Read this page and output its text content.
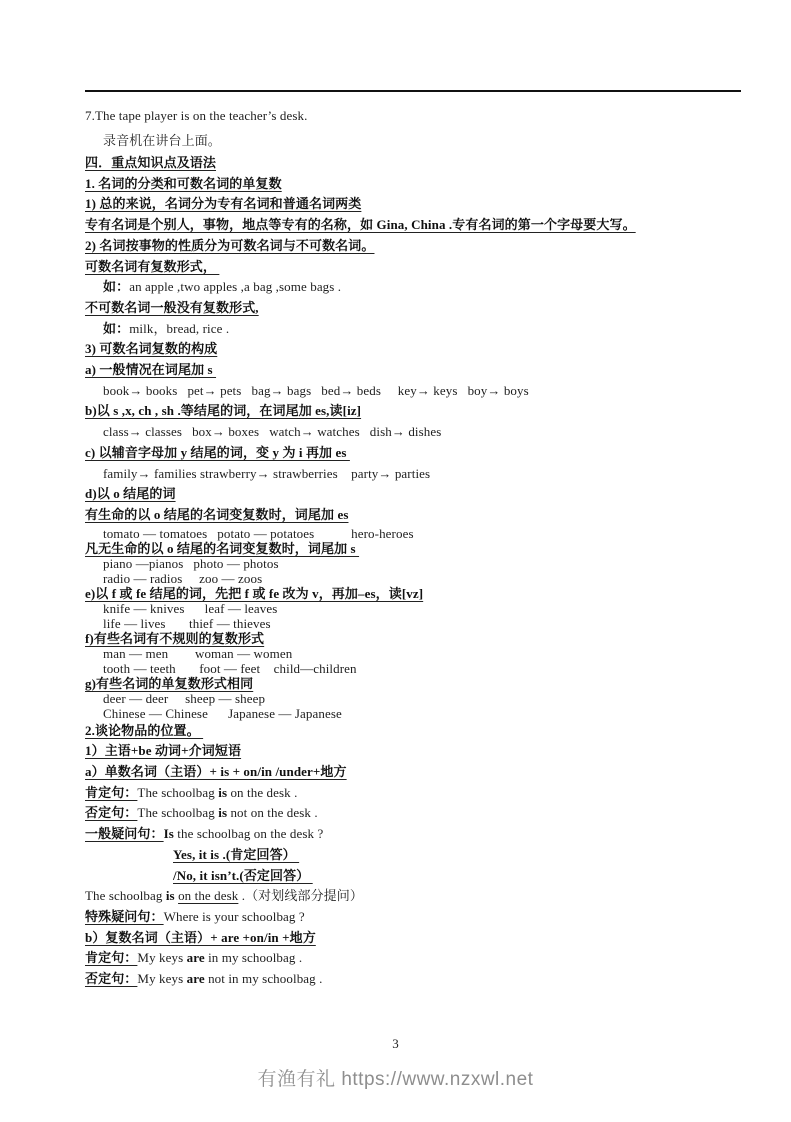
7.The tape player is on the teacher’s desk.
录音机在讲台上面。
四．重点知识点及语法
1. 名词的分类和可数名词的单复数
1) 总的来说，名词分为专有名词和普通名词两类
专有名词是个别人，事物，地点等专有的名称，如 Gina, China .专有名词的第一个字母要大写。
2) 名词按事物的性质分为可数名词与不可数名词。
可数名词有复数形式，
如：an apple ,two apples ,a bag ,some bags .
不可数名词一般没有复数形式,
如：milk，bread, rice .
3) 可数名词复数的构成
a) 一般情况在词尾加 s
book→ books   pet→ pets   bag→ bags   bed→ beds     key→ keys   boy→ boys
b)以 s ,x, ch , sh .等结尾的词，在词尾加 es,读[iz]
class→ classes   box→ boxes   watch→ watches   dish→ dishes
c) 以辅音字母加 y 结尾的词，变 y 为 i 再加 es
family→ families strawberry→ strawberries    party→ parties
d)以 o 结尾的词
有生命的以 o 结尾的名词变复数时，词尾加 es
tomato — tomatoes   potato — potatoes           hero-heroes
凡无生命的以 o 结尾的名词变复数时，词尾加 s
piano —pianos   photo — photos
radio — radios     zoo — zoos
e)以 f 或 fe 结尾的词，先把 f 或 fe 改为 v，再加–es，读[vz]
knife — knives      leaf — leaves
life — lives       thief — thieves
f)有些名词有不规则的复数形式
man — men        woman — women
tooth — teeth       foot — feet    child—children
g)有些名词的单复数形式相同
deer — deer     sheep — sheep
Chinese — Chinese      Japanese — Japanese
2.谈论物品的位置。
1）主语+be 动词+介词短语
a）单数名词（主语）+ is + on/in /under+地方
肯定句：The schoolbag is on the desk .
否定句：The schoolbag is not on the desk .
一般疑问句：Is the schoolbag on the desk ?
Yes, it is .(肯定回答）
/No, it isn’t.(否定回答）
The schoolbag is on the desk .（对划线部分提问）
特殊疑问句：Where is your schoolbag ?
b）复数名词（主语）+ are +on/in +地方
肯定句：My keys are in my schoolbag .
否定句：My keys are not in my schoolbag .
3
有渔有礼 https://www.nzxwl.net
